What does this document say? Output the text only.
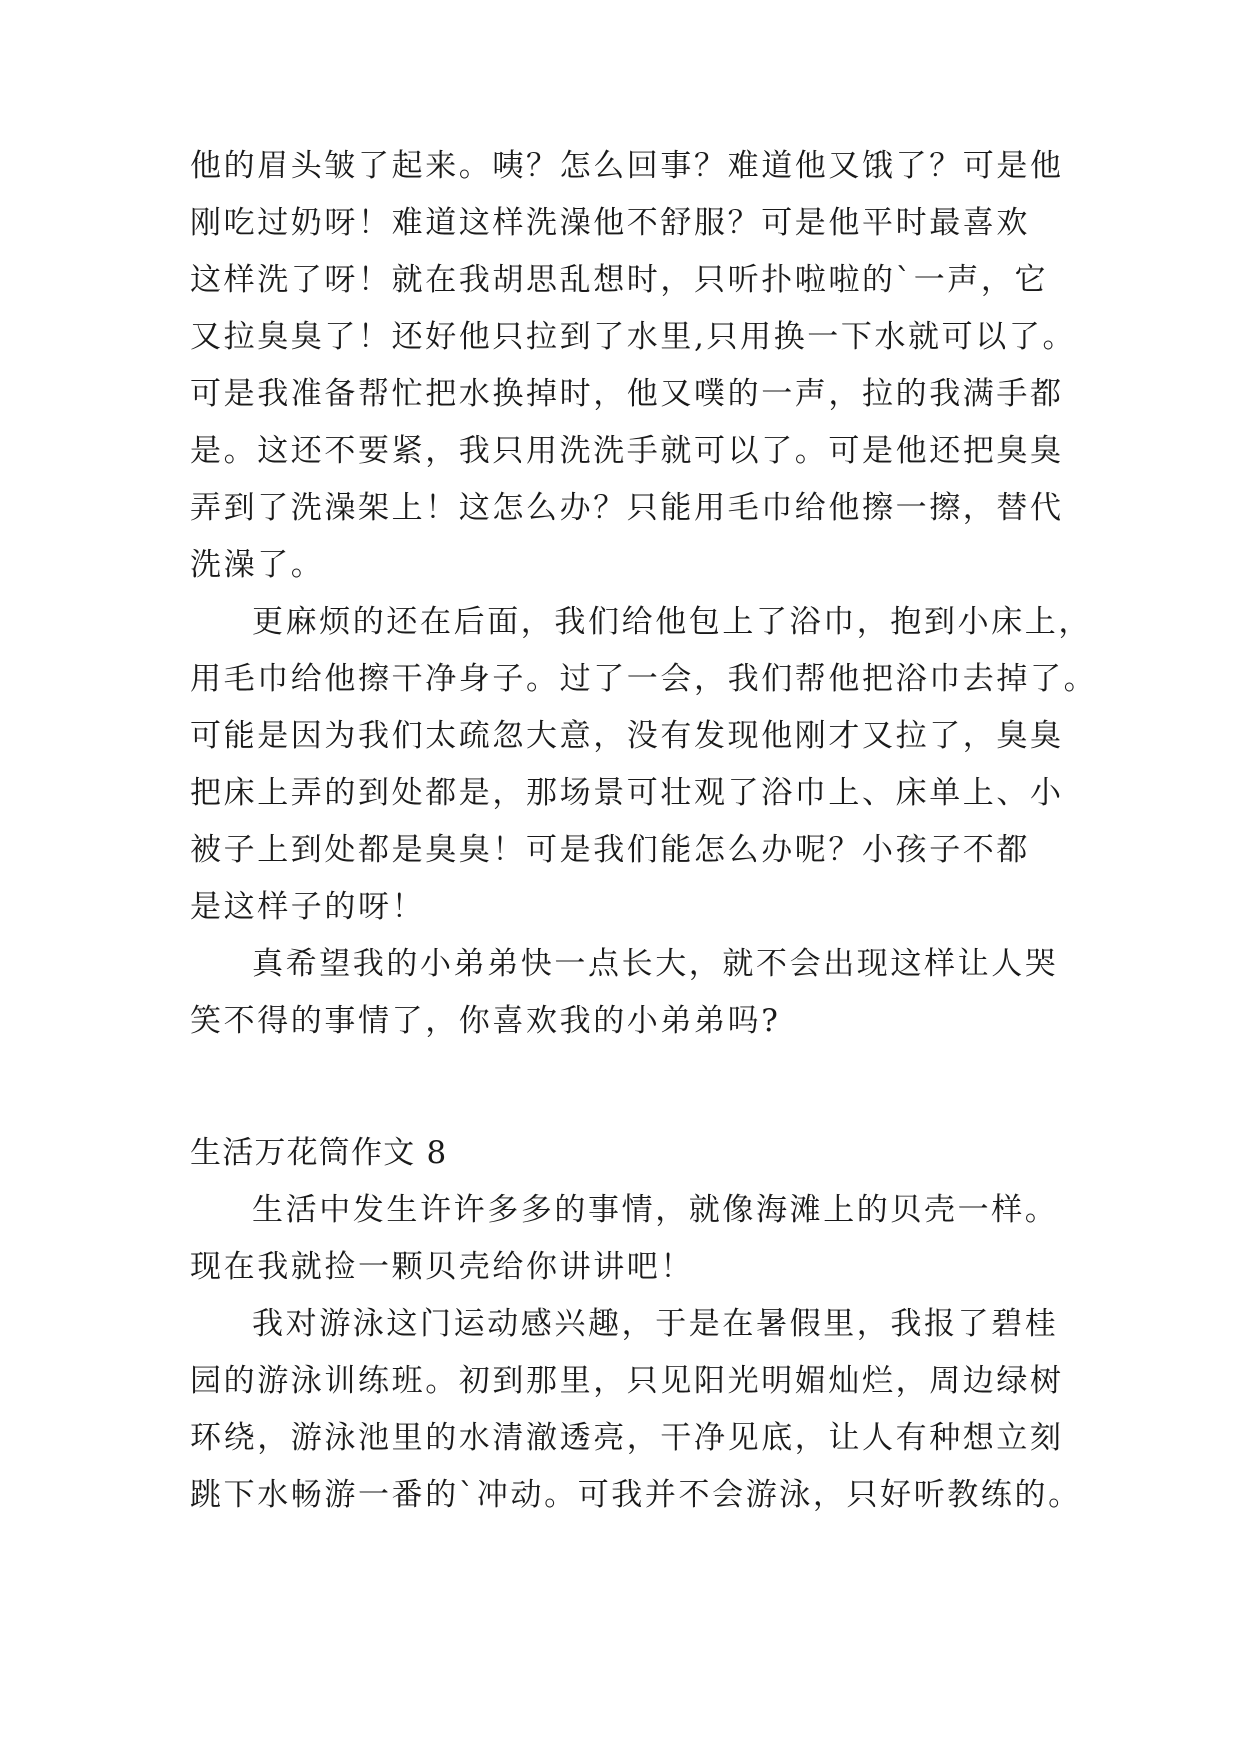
他的眉头皱了起来。咦？怎么回事？难道他又饿了？可是他
刚吃过奶呀！难道这样洗澡他不舒服？可是他平时最喜欢
这样洗了呀！就在我胡思乱想时，只听扑啦啦的`一声，它
又拉臭臭了！还好他只拉到了水里,只用换一下水就可以了。
可是我准备帮忙把水换掉时，他又噗的一声，拉的我满手都
是。这还不要紧，我只用洗洗手就可以了。可是他还把臭臭
弄到了洗澡架上！这怎么办？只能用毛巾给他擦一擦，替代
洗澡了。
更麻烦的还在后面，我们给他包上了浴巾，抱到小床上，
用毛巾给他擦干净身子。过了一会，我们帮他把浴巾去掉了。
可能是因为我们太疏忽大意，没有发现他刚才又拉了，臭臭
把床上弄的到处都是，那场景可壮观了浴巾上、床单上、小
被子上到处都是臭臭！可是我们能怎么办呢？小孩子不都
是这样子的呀！
真希望我的小弟弟快一点长大，就不会出现这样让人哭
笑不得的事情了，你喜欢我的小弟弟吗?
生活万花筒作文 8
生活中发生许许多多的事情，就像海滩上的贝壳一样。
现在我就捡一颗贝壳给你讲讲吧！
我对游泳这门运动感兴趣，于是在暑假里，我报了碧桂
园的游泳训练班。初到那里，只见阳光明媚灿烂，周边绿树
环绕，游泳池里的水清澈透亮，干净见底，让人有种想立刻
跳下水畅游一番的`冲动。可我并不会游泳，只好听教练的。
